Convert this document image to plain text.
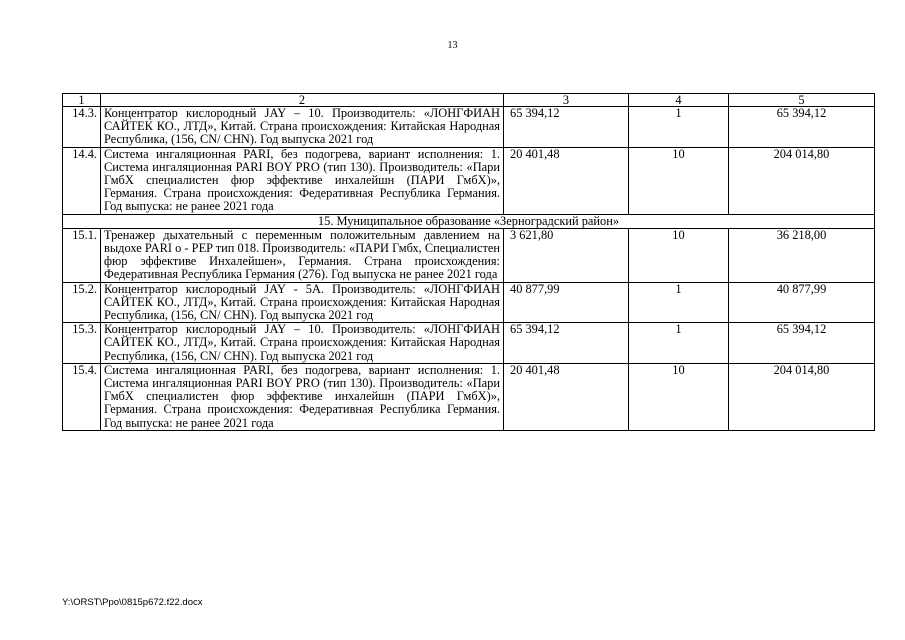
13
1	2	3	4	5
14.3.	Концентратор кислородный JAY – 10. Производитель: «ЛОНГФИАН САЙТЕК КО., ЛТД», Китай. Страна происхождения: Китайская Народная Республика, (156, CN/ CHN). Год выпуска 2021 год	65 394,12	1	65 394,12
14.4.	Система ингаляционная PARI, без подогрева, вариант исполнения: 1. Система ингаляционная PARI BOY PRO (тип 130). Производитель: «Пари ГмбХ специалистен фюр эффективе инхалейшн (ПАРИ ГмбХ)», Германия. Страна происхождения: Федеративная Республика Германия. Год выпуска: не ранее 2021 года	20 401,48	10	204 014,80
15. Муниципальное образование «Зерноградский район»				
15.1.	Тренажер дыхательный с переменным положительным давлением на выдохе PARI o - PEP тип 018. Производитель: «ПАРИ Гмбх, Специалистен фюр эффективе Инхалейшен», Германия. Страна происхождения: Федеративная Республика Германия (276). Год выпуска не ранее 2021 года	3 621,80	10	36 218,00
15.2.	Концентратор кислородный JAY - 5A. Производитель: «ЛОНГФИАН САЙТЕК КО., ЛТД», Китай. Страна происхождения: Китайская Народная Республика, (156, CN/ CHN). Год выпуска 2021 год	40 877,99	1	40 877,99
15.3.	Концентратор кислородный JAY – 10. Производитель: «ЛОНГФИАН САЙТЕК КО., ЛТД», Китай. Страна происхождения: Китайская Народная Республика, (156, CN/ CHN). Год выпуска 2021 год	65 394,12	1	65 394,12
15.4.	Система ингаляционная PARI, без подогрева, вариант исполнения: 1. Система ингаляционная PARI BOY PRO (тип 130). Производитель: «Пари ГмбХ специалистен фюр эффективе инхалейшн (ПАРИ ГмбХ)», Германия. Страна происхождения: Федеративная Республика Германия. Год выпуска: не ранее 2021 года	20 401,48	10	204 014,80
Y:\ORST\Ppo\0815p672.f22.docx
